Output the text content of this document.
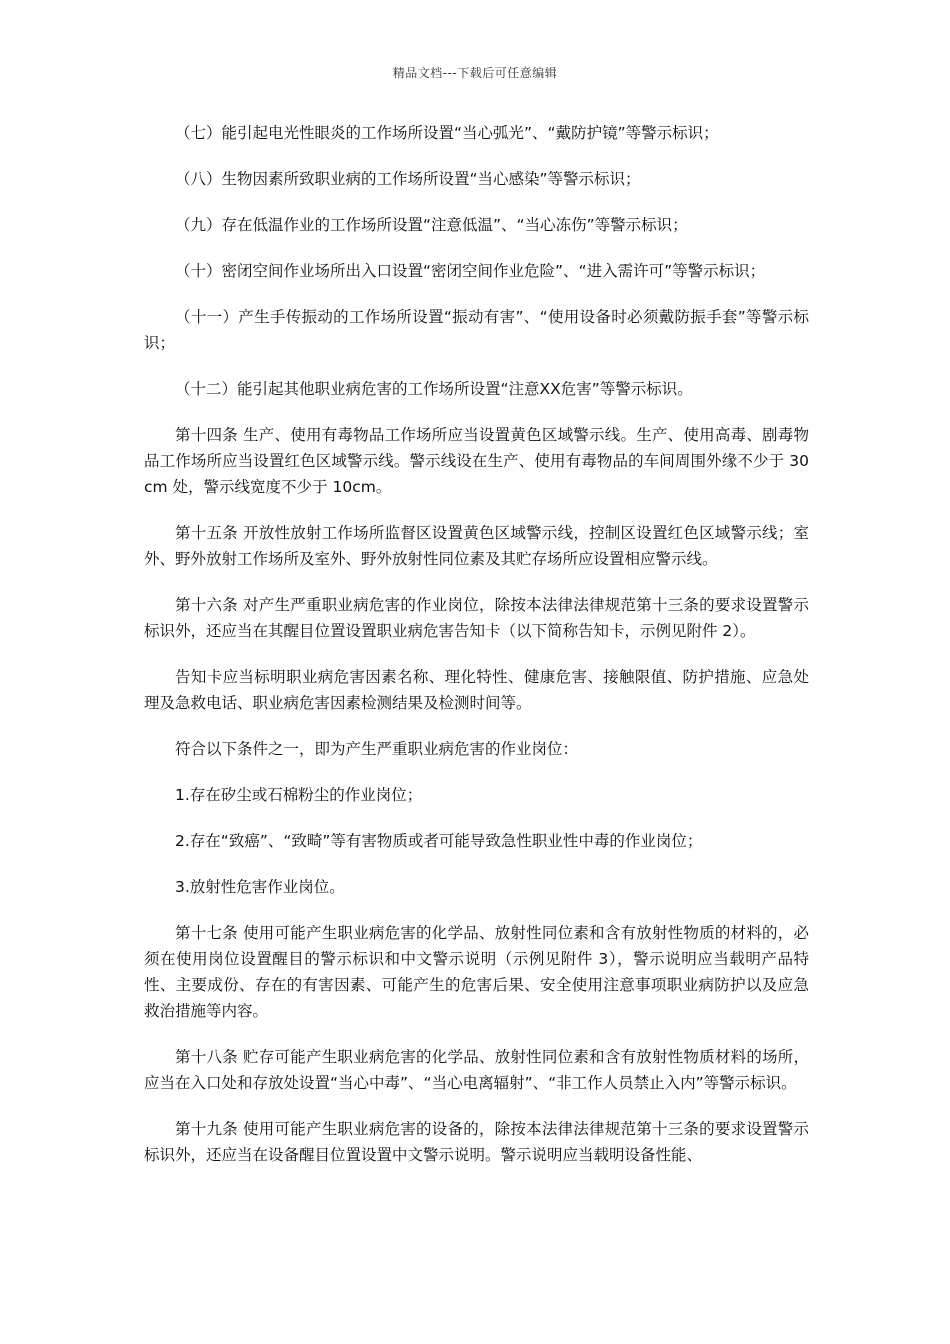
精品文档---下载后可任意编辑

（七）能引起电光性眼炎的工作场所设置“当心弧光”、“戴防护镜”等警示标识；

（八）生物因素所致职业病的工作场所设置“当心感染”等警示标识；

（九）存在低温作业的工作场所设置“注意低温”、“当心冻伤”等警示标识；

（十）密闭空间作业场所出入口设置“密闭空间作业危险”、“进入需许可”等警示标识；

（十一）产生手传振动的工作场所设置“振动有害”、“使用设备时必须戴防振手套”等警示标识；

（十二）能引起其他职业病危害的工作场所设置“注意XX危害”等警示标识。

第十四条 生产、使用有毒物品工作场所应当设置黄色区域警示线。生产、使用高毒、剧毒物品工作场所应当设置红色区域警示线。警示线设在生产、使用有毒物品的车间周围外缘不少于 30cm 处，警示线宽度不少于 10cm。

第十五条 开放性放射工作场所监督区设置黄色区域警示线，控制区设置红色区域警示线；室外、野外放射工作场所及室外、野外放射性同位素及其贮存场所应设置相应警示线。

第十六条 对产生严重职业病危害的作业岗位，除按本法律法律规范第十三条的要求设置警示标识外，还应当在其醒目位置设置职业病危害告知卡（以下简称告知卡，示例见附件 2）。

告知卡应当标明职业病危害因素名称、理化特性、健康危害、接触限值、防护措施、应急处理及急救电话、职业病危害因素检测结果及检测时间等。

符合以下条件之一，即为产生严重职业病危害的作业岗位：

1.存在矽尘或石棉粉尘的作业岗位；

2.存在“致癌”、“致畸”等有害物质或者可能导致急性职业性中毒的作业岗位；

3.放射性危害作业岗位。

第十七条 使用可能产生职业病危害的化学品、放射性同位素和含有放射性物质的材料的，必须在使用岗位设置醒目的警示标识和中文警示说明（示例见附件 3），警示说明应当载明产品特性、主要成份、存在的有害因素、可能产生的危害后果、安全使用注意事项职业病防护以及应急救治措施等内容。

第十八条 贮存可能产生职业病危害的化学品、放射性同位素和含有放射性物质材料的场所，应当在入口处和存放处设置“当心中毒”、“当心电离辐射”、“非工作人员禁止入内”等警示标识。

第十九条 使用可能产生职业病危害的设备的，除按本法律法律规范第十三条的要求设置警示标识外，还应当在设备醒目位置设置中文警示说明。警示说明应当载明设备性能、
